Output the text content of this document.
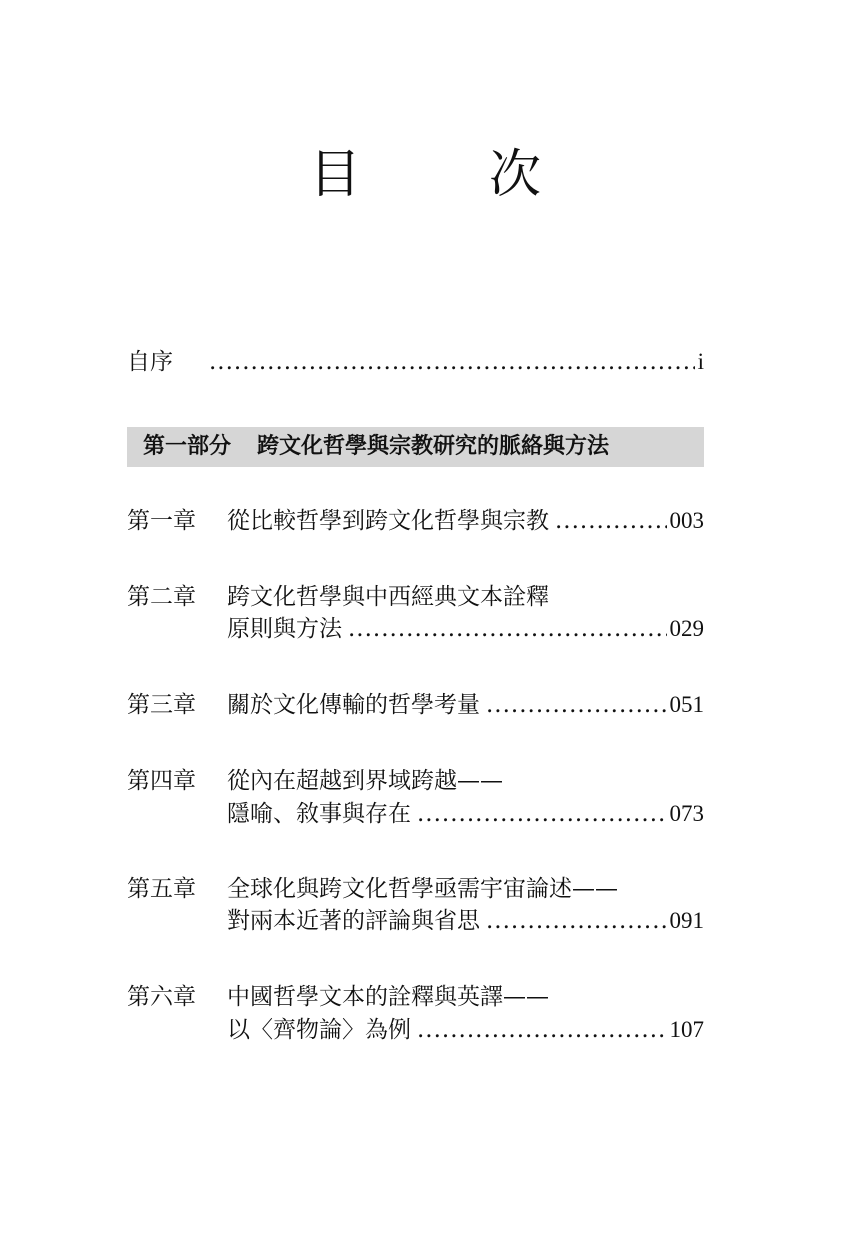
目　次
自序 .....	i
第一章	從比較哲學到跨文化哲學與宗教 .....	003
第二章	跨文化哲學與中西經典文本詮釋
原則與方法 .....	029
第三章	關於文化傳輸的哲學考量 .....	051
第四章	從內在超越到界域跨越——
隱喻、敘事與存在 .....	073
第五章	全球化與跨文化哲學亟需宇宙論述——
對兩本近著的評論與省思 .....	091
第六章	中國哲學文本的詮釋與英譯——
以〈齊物論〉為例 .....	107
第一部分 跨文化哲學與宗教研究的脈絡與方法
